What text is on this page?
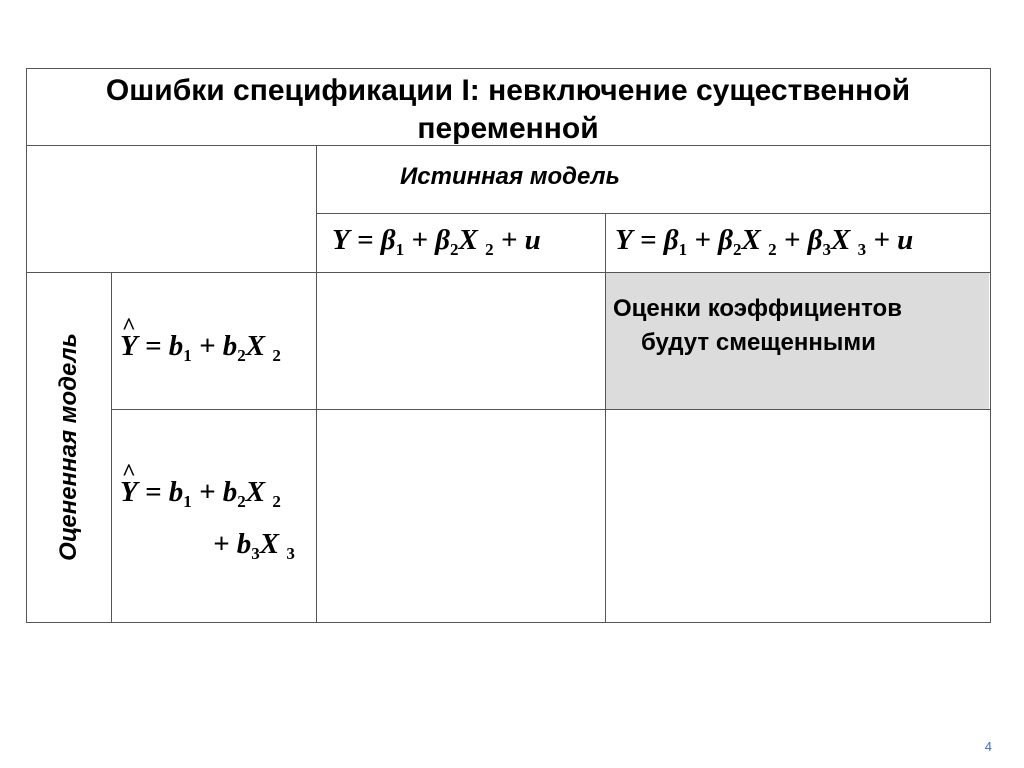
Ошибки спецификации I: невключение существенной переменной
Истинная модель
$Y = \beta_1 + \beta_2X$ $_2$ + u	$Y = \beta_1 + \beta_2X$ $_2 + \beta_3X$ $_3$ + u
Оцененная модель
^ $Y = b_1 + b_2X$ $_2$
^ $Y = b_1 + b_2X$ $_2$
+ $b_3X$ $_3$
Оценки коэффициентов
будут смещенными
4
